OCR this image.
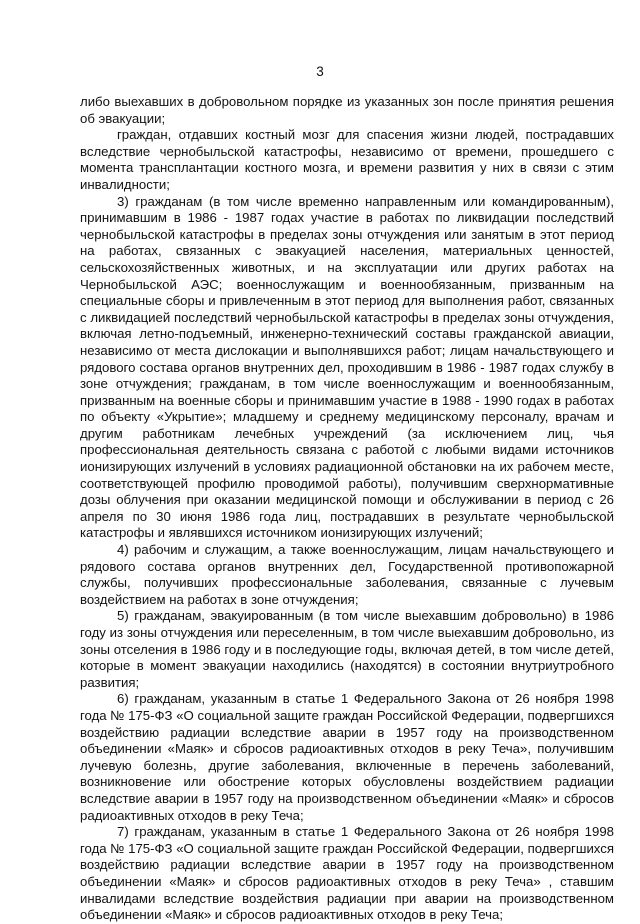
3

либо выехавших в добровольном порядке из указанных зон после принятия решения об эвакуации;

граждан, отдавших костный мозг для спасения жизни людей, пострадавших вследствие чернобыльской катастрофы, независимо от времени, прошедшего с момента трансплантации костного мозга, и времени развития у них в связи с этим инвалидности;

3) гражданам (в том числе временно направленным или командированным), принимавшим в 1986 - 1987 годах участие в работах по ликвидации последствий чернобыльской катастрофы в пределах зоны отчуждения или занятым в этот период на работах, связанных с эвакуацией населения, материальных ценностей, сельскохозяйственных животных, и на эксплуатации или других работах на Чернобыльской АЭС; военнослужащим и военнообязанным, призванным на специальные сборы и привлеченным в этот период для выполнения работ, связанных с ликвидацией последствий чернобыльской катастрофы в пределах зоны отчуждения, включая летно-подъемный, инженерно-технический составы гражданской авиации, независимо от места дислокации и выполнявшихся работ; лицам начальствующего и рядового состава органов внутренних дел, проходившим в 1986 - 1987 годах службу в зоне отчуждения; гражданам, в том числе военнослужащим и военнообязанным, призванным на военные сборы и принимавшим участие в 1988 - 1990 годах в работах по объекту «Укрытие»; младшему и среднему медицинскому персоналу, врачам и другим работникам лечебных учреждений (за исключением лиц, чья профессиональная деятельность связана с работой с любыми видами источников ионизирующих излучений в условиях радиационной обстановки на их рабочем месте, соответствующей профилю проводимой работы), получившим сверхнормативные дозы облучения при оказании медицинской помощи и обслуживании в период с 26 апреля по 30 июня 1986 года лиц, пострадавших в результате чернобыльской катастрофы и являвшихся источником ионизирующих излучений;

4) рабочим и служащим, а также военнослужащим, лицам начальствующего и рядового состава органов внутренних дел, Государственной противопожарной службы, получивших профессиональные заболевания, связанные с лучевым воздействием на работах в зоне отчуждения;

5) гражданам, эвакуированным (в том числе выехавшим добровольно) в 1986 году из зоны отчуждения или переселенным, в том числе выехавшим добровольно, из зоны отселения в 1986 году и в последующие годы, включая детей, в том числе детей, которые в момент эвакуации находились (находятся) в состоянии внутриутробного развития;

6) гражданам, указанным в статье 1 Федерального Закона от 26 ноября 1998 года № 175-ФЗ «О социальной защите граждан Российской Федерации, подвергшихся воздействию радиации вследствие аварии в 1957 году на производственном объединении «Маяк» и сбросов радиоактивных отходов в реку Теча», получившим лучевую болезнь, другие заболевания, включенные в перечень заболеваний, возникновение или обострение которых обусловлены воздействием радиации вследствие аварии в 1957 году на производственном объединении «Маяк» и сбросов радиоактивных отходов в реку Теча;

7) гражданам, указанным в статье 1 Федерального Закона от 26 ноября 1998 года № 175-ФЗ «О социальной защите граждан Российской Федерации, подвергшихся воздействию радиации вследствие аварии в 1957 году на производственном объединении «Маяк» и сбросов радиоактивных отходов в реку Теча» , ставшим инвалидами вследствие воздействия радиации при аварии на производственном объединении «Маяк» и сбросов радиоактивных отходов в реку Теча;
